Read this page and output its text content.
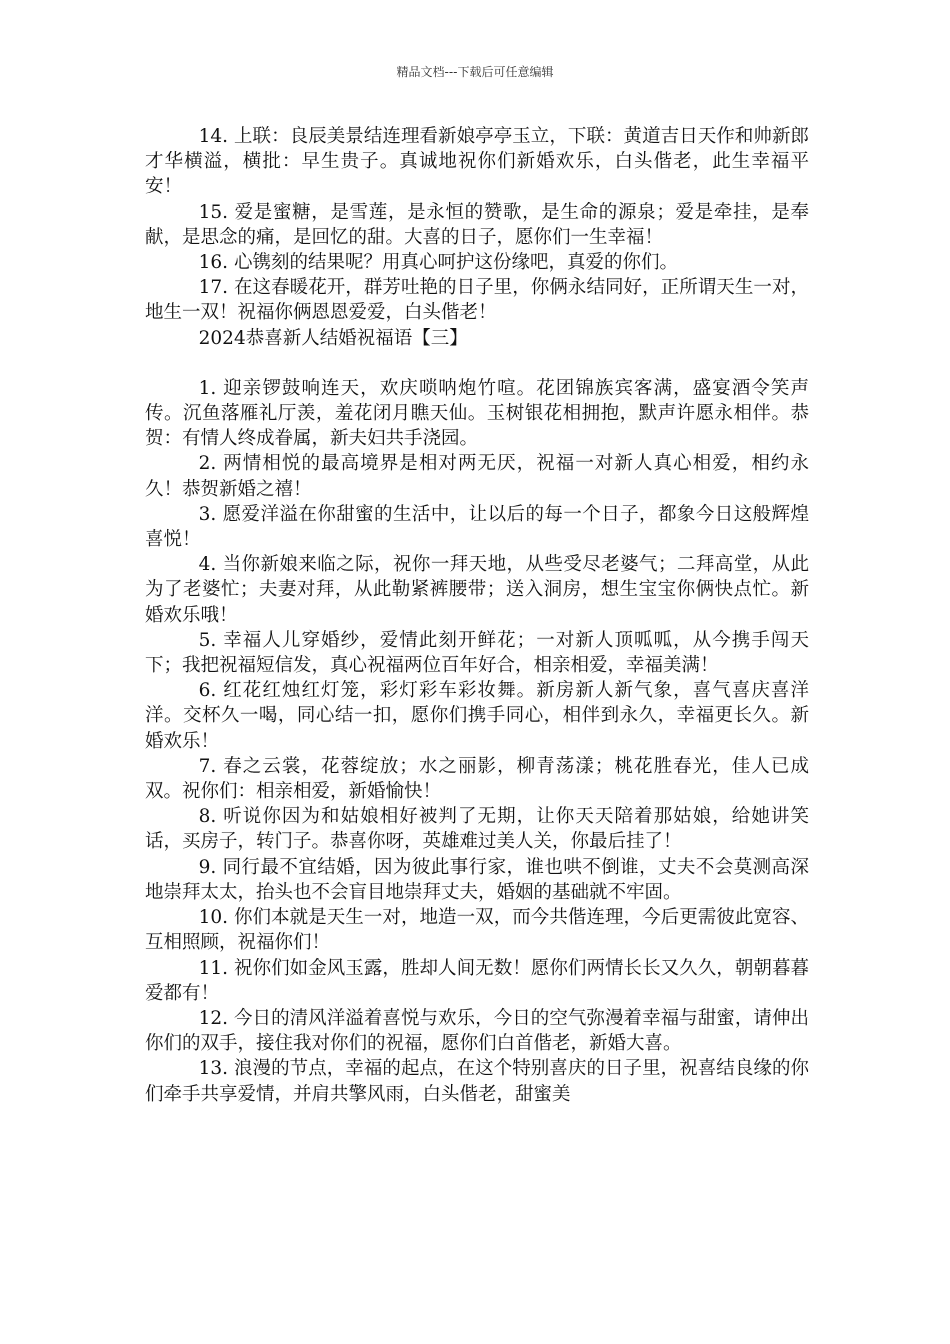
精品文档---下载后可任意编辑

14. 上联：良辰美景结连理看新娘亭亭玉立，下联：黄道吉日天作和帅新郎才华横溢，横批：早生贵子。真诚地祝你们新婚欢乐，白头偕老，此生幸福平安！

15. 爱是蜜糖，是雪莲，是永恒的赞歌，是生命的源泉；爱是牵挂，是奉献，是思念的痛，是回忆的甜。大喜的日子，愿你们一生幸福！

16. 心镌刻的结果呢？用真心呵护这份缘吧，真爱的你们。

17. 在这春暖花开，群芳吐艳的日子里，你俩永结同好，正所谓天生一对，地生一双！祝福你俩恩恩爱爱，白头偕老！

2024恭喜新人结婚祝福语【三】

1. 迎亲锣鼓响连天，欢庆唢呐炮竹喧。花团锦族宾客满，盛宴酒令笑声传。沉鱼落雁礼厅羡，羞花闭月瞧天仙。玉树银花相拥抱，默声许愿永相伴。恭贺：有情人终成眷属，新夫妇共手浇园。

2. 两情相悦的最高境界是相对两无厌，祝福一对新人真心相爱，相约永久！恭贺新婚之禧！

3. 愿爱洋溢在你甜蜜的生活中，让以后的每一个日子，都象今日这般辉煌喜悦！

4. 当你新娘来临之际，祝你一拜天地，从些受尽老婆气；二拜高堂，从此为了老婆忙；夫妻对拜，从此勒紧裤腰带；送入洞房，想生宝宝你俩快点忙。新婚欢乐哦！

5. 幸福人儿穿婚纱，爱情此刻开鲜花；一对新人顶呱呱，从今携手闯天下；我把祝福短信发，真心祝福两位百年好合，相亲相爱，幸福美满！

6. 红花红烛红灯笼，彩灯彩车彩妆舞。新房新人新气象，喜气喜庆喜洋洋。交杯久一喝，同心结一扣，愿你们携手同心，相伴到永久，幸福更长久。新婚欢乐！

7. 春之云裳，花蓉绽放；水之丽影，柳青荡漾；桃花胜春光，佳人已成双。祝你们：相亲相爱，新婚愉快！

8. 听说你因为和姑娘相好被判了无期，让你天天陪着那姑娘，给她讲笑话，买房子，转门子。恭喜你呀，英雄难过美人关，你最后挂了！

9. 同行最不宜结婚，因为彼此事行家，谁也哄不倒谁，丈夫不会莫测高深地崇拜太太，抬头也不会盲目地崇拜丈夫，婚姻的基础就不牢固。

10. 你们本就是天生一对，地造一双，而今共偕连理，今后更需彼此宽容、互相照顾，祝福你们！

11. 祝你们如金风玉露，胜却人间无数！愿你们两情长长又久久，朝朝暮暮爱都有！

12. 今日的清风洋溢着喜悦与欢乐，今日的空气弥漫着幸福与甜蜜，请伸出你们的双手，接住我对你们的祝福，愿你们白首偕老，新婚大喜。

13. 浪漫的节点，幸福的起点，在这个特别喜庆的日子里，祝喜结良缘的你们牵手共享爱情，并肩共擎风雨，白头偕老，甜蜜美
